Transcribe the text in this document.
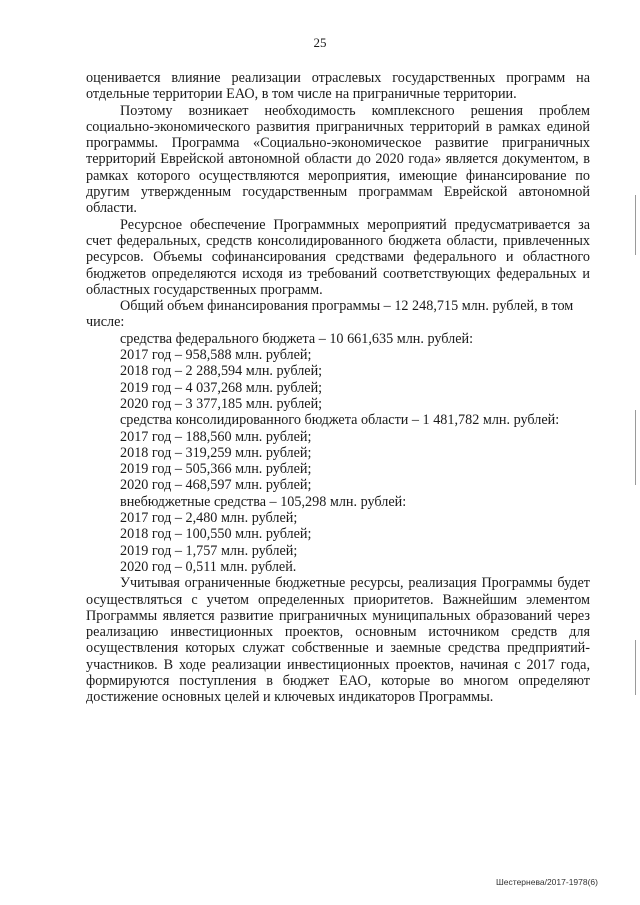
25

оценивается влияние реализации отраслевых государственных программ на отдельные территории ЕАО, в том числе на приграничные территории.

Поэтому возникает необходимость комплексного решения проблем социально-экономического развития приграничных территорий в рамках единой программы. Программа «Социально-экономическое развитие приграничных территорий Еврейской автономной области до 2020 года» является документом, в рамках которого осуществляются мероприятия, имеющие финансирование по другим утвержденным государственным программам Еврейской автономной области.

Ресурсное обеспечение Программных мероприятий предусматривается за счет федеральных, средств консолидированного бюджета области, привлеченных ресурсов. Объемы софинансирования средствами федерального и областного бюджетов определяются исходя из требований соответствующих федеральных и областных государственных программ.

Общий объем финансирования программы – 12 248,715 млн. рублей, в том числе:

средства федерального бюджета – 10 661,635 млн. рублей:

2017 год – 958,588 млн. рублей;

2018 год – 2 288,594 млн. рублей;

2019 год – 4 037,268 млн. рублей;

2020 год – 3 377,185 млн. рублей;

средства консолидированного бюджета области – 1 481,782 млн. рублей:

2017 год – 188,560 млн. рублей;

2018 год – 319,259 млн. рублей;

2019 год – 505,366 млн. рублей;

2020 год – 468,597 млн. рублей;

внебюджетные средства – 105,298 млн. рублей:

2017 год – 2,480 млн. рублей;

2018 год – 100,550 млн. рублей;

2019 год – 1,757 млн. рублей;

2020 год – 0,511 млн. рублей.

Учитывая ограниченные бюджетные ресурсы, реализация Программы будет осуществляться с учетом определенных приоритетов. Важнейшим элементом Программы является развитие приграничных муниципальных образований через реализацию инвестиционных проектов, основным источником средств для осуществления которых служат собственные и заемные средства предприятий-участников. В ходе реализации инвестиционных проектов, начиная с 2017 года, формируются поступления в бюджет ЕАО, которые во многом определяют достижение основных целей и ключевых индикаторов Программы.

Шестернева/2017-1978(6)
